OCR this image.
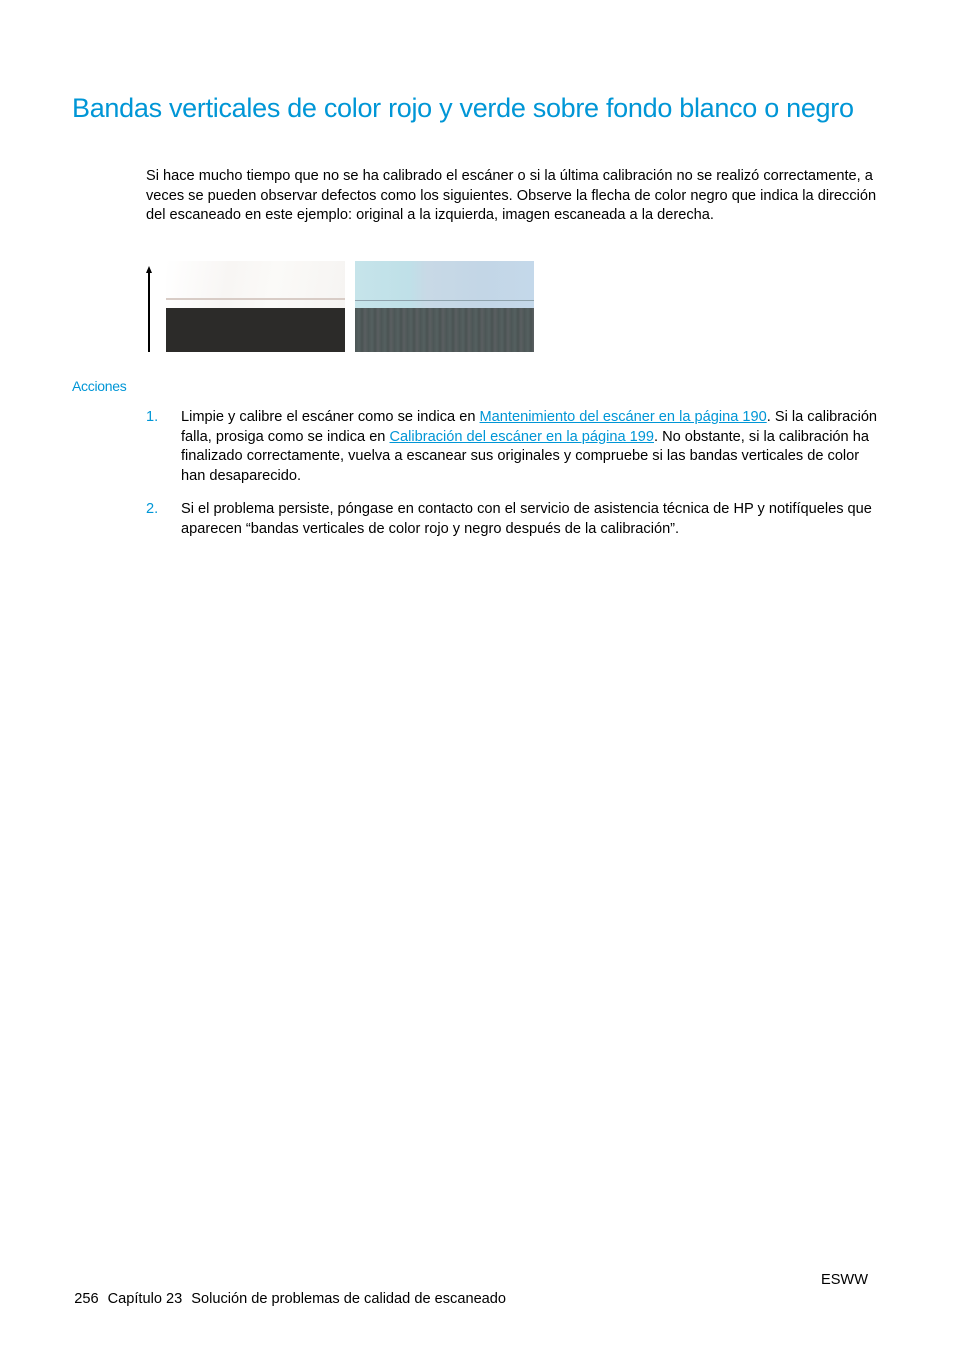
Bandas verticales de color rojo y verde sobre fondo blanco o negro

Si hace mucho tiempo que no se ha calibrado el escáner o si la última calibración no se realizó correctamente, a veces se pueden observar defectos como los siguientes. Observe la flecha de color negro que indica la dirección del escaneado en este ejemplo: original a la izquierda, imagen escaneada a la derecha.

Acciones
1. Limpie y calibre el escáner como se indica en Mantenimiento del escáner en la página 190. Si la calibración falla, prosiga como se indica en Calibración del escáner en la página 199. No obstante, si la calibración ha finalizado correctamente, vuelva a escanear sus originales y compruebe si las bandas verticales de color han desaparecido.
2. Si el problema persiste, póngase en contacto con el servicio de asistencia técnica de HP y notifíqueles que aparecen “bandas verticales de color rojo y negro después de la calibración”.

256 Capítulo 23 Solución de problemas de calidad de escaneado

ESWW
